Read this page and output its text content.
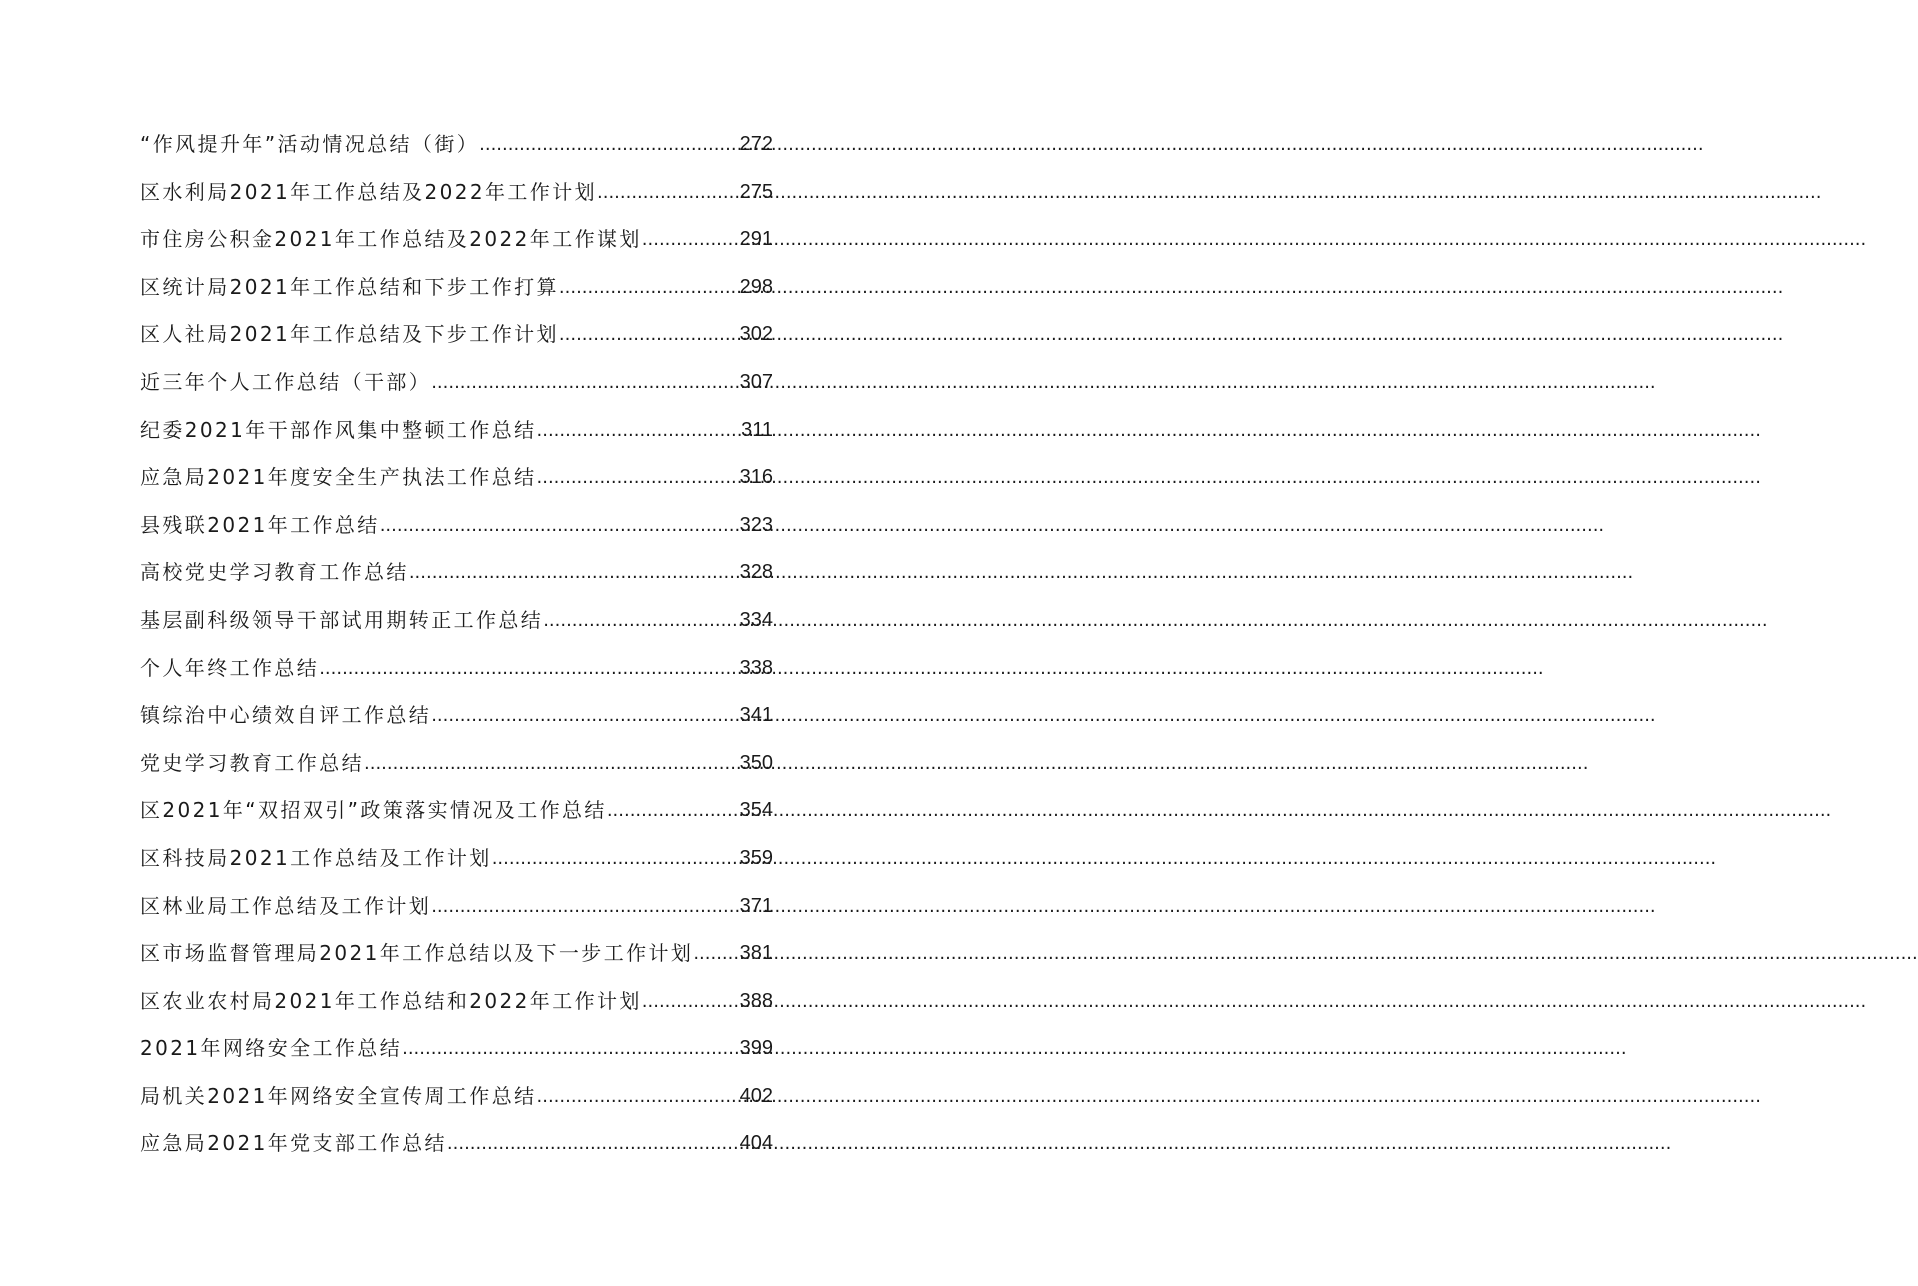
“作风提升年”活动情况总结（街） .....	272
区水利局2021年工作总结及2022年工作计划 .....	275
市住房公积金2021年工作总结及2022年工作谋划 .....	291
区统计局2021年工作总结和下步工作打算 .....	298
区人社局2021年工作总结及下步工作计划 .....	302
近三年个人工作总结（干部） .....	307
纪委2021年干部作风集中整顿工作总结 .....	311
应急局2021年度安全生产执法工作总结 .....	316
县残联2021年工作总结 .....	323
高校党史学习教育工作总结 .....	328
基层副科级领导干部试用期转正工作总结 .....	334
个人年终工作总结 .....	338
镇综治中心绩效自评工作总结 .....	341
党史学习教育工作总结 .....	350
区2021年“双招双引”政策落实情况及工作总结 .....	354
区科技局2021工作总结及工作计划 .....	359
区林业局工作总结及工作计划 .....	371
区市场监督管理局2021年工作总结以及下一步工作计划 ..... 381
区农业农村局2021年工作总结和2022年工作计划 .....	388
2021年网络安全工作总结 .....	399
局机关2021年网络安全宣传周工作总结 .....	402
应急局2021年党支部工作总结 .....	404
